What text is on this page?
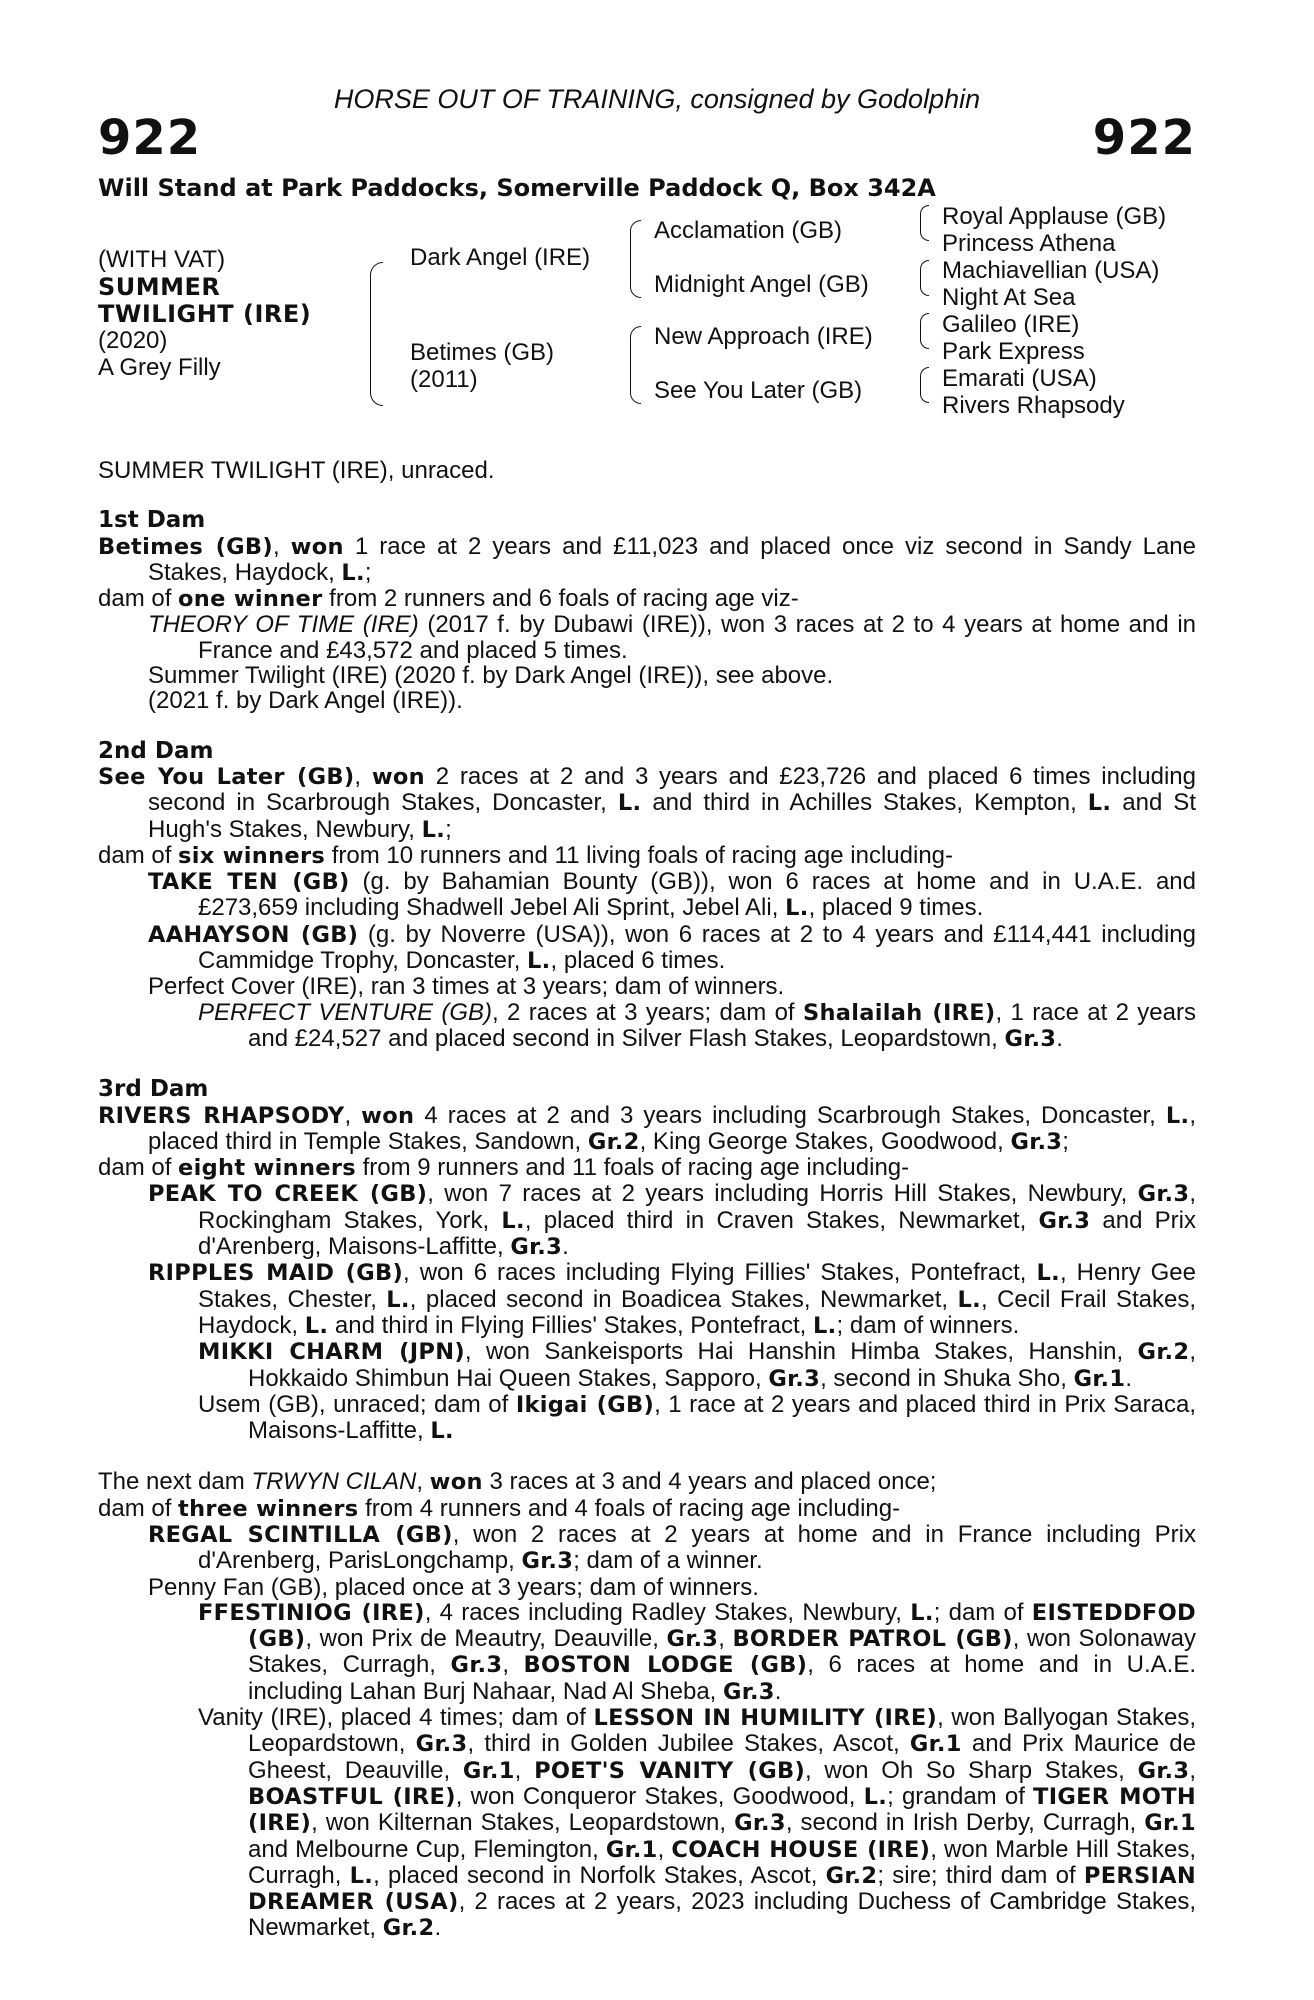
HORSE OUT OF TRAINING, consigned by Godolphin
922	922
Will Stand at Park Paddocks, Somerville Paddock Q, Box 342A
(WITH VAT)
SUMMER
TWILIGHT (IRE)
(2020)
A Grey Filly
Dark Angel (IRE)
Betimes (GB)
(2011)
Acclamation (GB)
Midnight Angel (GB)
New Approach (IRE)
See You Later (GB)
Royal Applause (GB)
Princess Athena
Machiavellian (USA)
Night At Sea
Galileo (IRE)
Park Express
Emarati (USA)
Rivers Rhapsody

SUMMER TWILIGHT (IRE), unraced.

1st Dam

Betimes (GB), won 1 race at 2 years and £11,023 and placed once viz second in Sandy Lane Stakes, Haydock, L.;

dam of one winner from 2 runners and 6 foals of racing age viz-

THEORY OF TIME (IRE) (2017 f. by Dubawi (IRE)), won 3 races at 2 to 4 years at home and in France and £43,572 and placed 5 times.

Summer Twilight (IRE) (2020 f. by Dark Angel (IRE)), see above.

(2021 f. by Dark Angel (IRE)).

2nd Dam

See You Later (GB), won 2 races at 2 and 3 years and £23,726 and placed 6 times including second in Scarbrough Stakes, Doncaster, L. and third in Achilles Stakes, Kempton, L. and St Hugh's Stakes, Newbury, L.;

dam of six winners from 10 runners and 11 living foals of racing age including-

TAKE TEN (GB) (g. by Bahamian Bounty (GB)), won 6 races at home and in U.A.E. and £273,659 including Shadwell Jebel Ali Sprint, Jebel Ali, L., placed 9 times.

AAHAYSON (GB) (g. by Noverre (USA)), won 6 races at 2 to 4 years and £114,441 including Cammidge Trophy, Doncaster, L., placed 6 times.

Perfect Cover (IRE), ran 3 times at 3 years; dam of winners.

PERFECT VENTURE (GB), 2 races at 3 years; dam of Shalailah (IRE), 1 race at 2 years and £24,527 and placed second in Silver Flash Stakes, Leopardstown, Gr.3.

3rd Dam

RIVERS RHAPSODY, won 4 races at 2 and 3 years including Scarbrough Stakes, Doncaster, L., placed third in Temple Stakes, Sandown, Gr.2, King George Stakes, Goodwood, Gr.3;

dam of eight winners from 9 runners and 11 foals of racing age including-

PEAK TO CREEK (GB), won 7 races at 2 years including Horris Hill Stakes, Newbury, Gr.3, Rockingham Stakes, York, L., placed third in Craven Stakes, Newmarket, Gr.3 and Prix d'Arenberg, Maisons-Laffitte, Gr.3.

RIPPLES MAID (GB), won 6 races including Flying Fillies' Stakes, Pontefract, L., Henry Gee Stakes, Chester, L., placed second in Boadicea Stakes, Newmarket, L., Cecil Frail Stakes, Haydock, L. and third in Flying Fillies' Stakes, Pontefract, L.; dam of winners.

MIKKI CHARM (JPN), won Sankeisports Hai Hanshin Himba Stakes, Hanshin, Gr.2, Hokkaido Shimbun Hai Queen Stakes, Sapporo, Gr.3, second in Shuka Sho, Gr.1.

Usem (GB), unraced; dam of Ikigai (GB), 1 race at 2 years and placed third in Prix Saraca, Maisons-Laffitte, L.

The next dam TRWYN CILAN, won 3 races at 3 and 4 years and placed once;

dam of three winners from 4 runners and 4 foals of racing age including-

REGAL SCINTILLA (GB), won 2 races at 2 years at home and in France including Prix d'Arenberg, ParisLongchamp, Gr.3; dam of a winner.

Penny Fan (GB), placed once at 3 years; dam of winners.

FFESTINIOG (IRE), 4 races including Radley Stakes, Newbury, L.; dam of EISTEDDFOD (GB), won Prix de Meautry, Deauville, Gr.3, BORDER PATROL (GB), won Solonaway Stakes, Curragh, Gr.3, BOSTON LODGE (GB), 6 races at home and in U.A.E. including Lahan Burj Nahaar, Nad Al Sheba, Gr.3.

Vanity (IRE), placed 4 times; dam of LESSON IN HUMILITY (IRE), won Ballyogan Stakes, Leopardstown, Gr.3, third in Golden Jubilee Stakes, Ascot, Gr.1 and Prix Maurice de Gheest, Deauville, Gr.1, POET'S VANITY (GB), won Oh So Sharp Stakes, Gr.3, BOASTFUL (IRE), won Conqueror Stakes, Goodwood, L.; grandam of TIGER MOTH (IRE), won Kilternan Stakes, Leopardstown, Gr.3, second in Irish Derby, Curragh, Gr.1 and Melbourne Cup, Flemington, Gr.1, COACH HOUSE (IRE), won Marble Hill Stakes, Curragh, L., placed second in Norfolk Stakes, Ascot, Gr.2; sire; third dam of PERSIAN DREAMER (USA), 2 races at 2 years, 2023 including Duchess of Cambridge Stakes, Newmarket, Gr.2.
